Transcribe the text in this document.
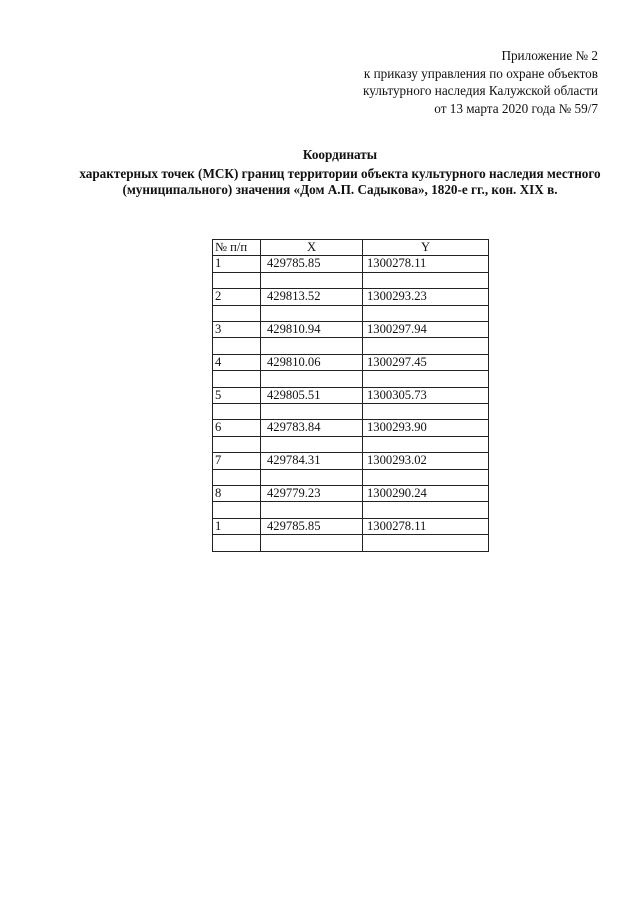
Приложение № 2
к приказу управления по охране объектов
культурного наследия Калужской области
от 13 марта 2020 года № 59/7
Координаты
характерных точек (МСК) границ территории объекта культурного наследия местного (муниципального) значения «Дом А.П. Садыкова», 1820-е гг., кон. XIX в.
№ п/п	X	Y
1	429785.85	1300278.11

2	429813.52	1300293.23

3	429810.94	1300297.94

4	429810.06	1300297.45

5	429805.51	1300305.73

6	429783.84	1300293.90

7	429784.31	1300293.02

8	429779.23	1300290.24

1	429785.85	1300278.11
